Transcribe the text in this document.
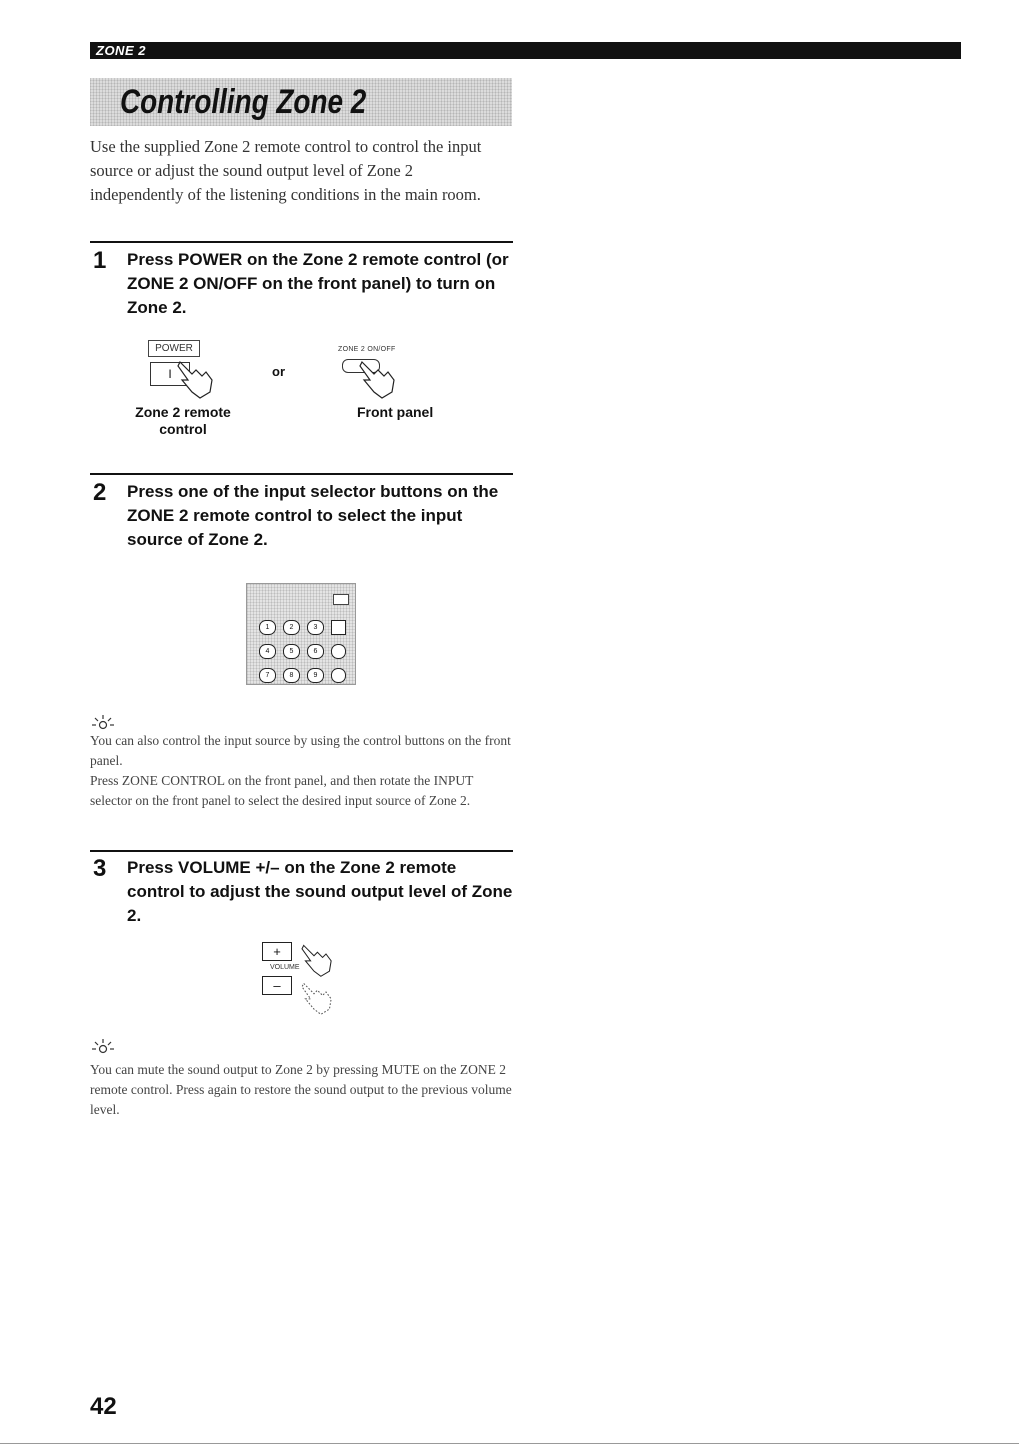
ZONE 2
Controlling Zone 2

Use the supplied Zone 2 remote control to control the input source or adjust the sound output level of Zone 2 independently of the listening conditions in the main room.

1 Press POWER on the Zone 2 remote control (or ZONE 2 ON/OFF on the front panel) to turn on Zone 2.

POWER
I	or
ZONE 2 ON/OFF
Zone 2 remote
control
Front panel
2 Press one of the input selector buttons on the ZONE 2 remote control to select the input source of Zone 2.

1	2	3
4	5	6
7	8	9
You can also control the input source by using the control buttons on the front panel.
Press ZONE CONTROL on the front panel, and then rotate the INPUT selector on the front panel to select the desired input source of Zone 2.
3 Press VOLUME +/– on the Zone 2 remote control to adjust the sound output level of Zone 2.

+
VOLUME
–
You can mute the sound output to Zone 2 by pressing MUTE on the ZONE 2 remote control. Press again to restore the sound output to the previous volume level.
42
